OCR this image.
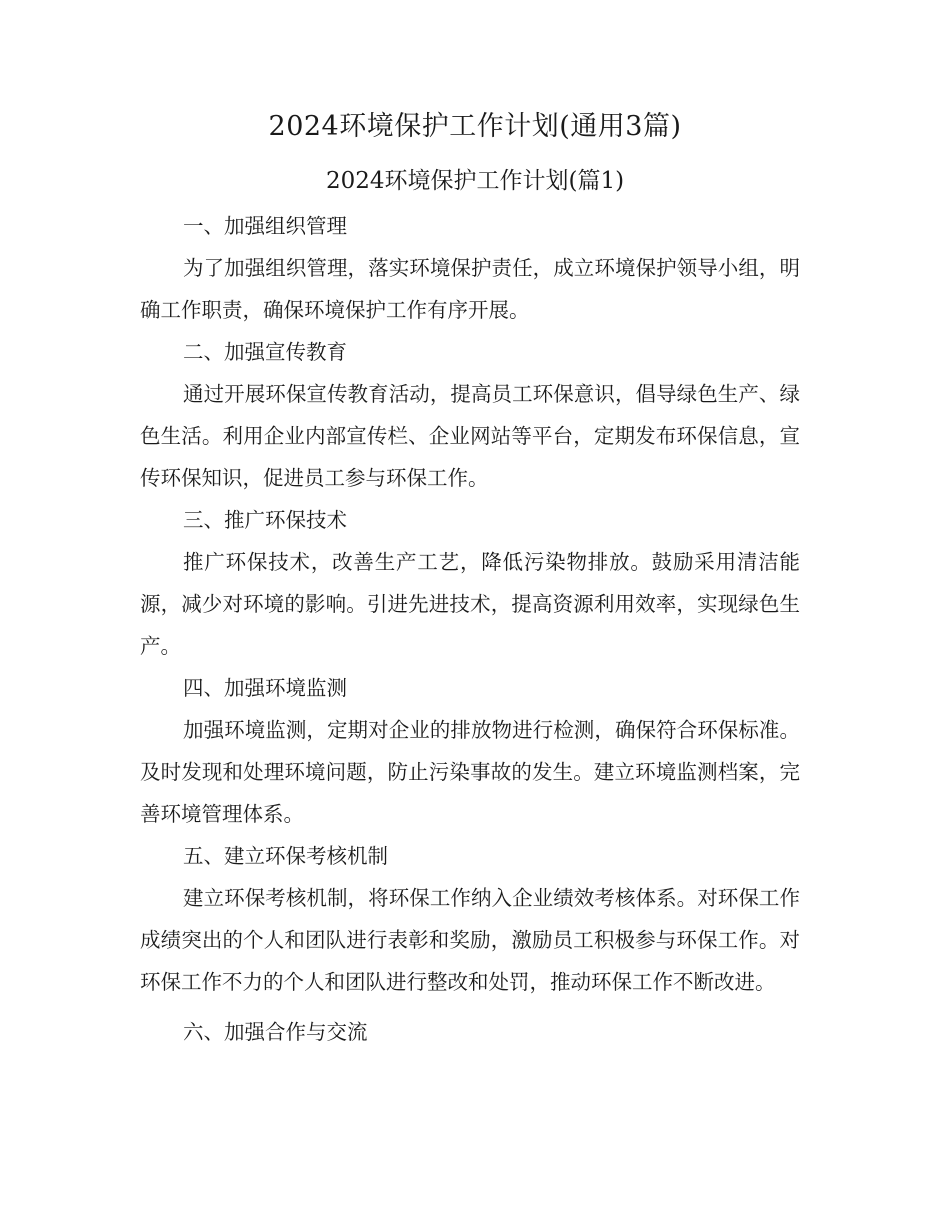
2024环境保护工作计划(通用3篇)
2024环境保护工作计划(篇1)

一、加强组织管理

为了加强组织管理，落实环境保护责任，成立环境保护领导小组，明确工作职责，确保环境保护工作有序开展。

二、加强宣传教育

通过开展环保宣传教育活动，提高员工环保意识，倡导绿色生产、绿色生活。利用企业内部宣传栏、企业网站等平台，定期发布环保信息，宣传环保知识，促进员工参与环保工作。

三、推广环保技术

推广环保技术，改善生产工艺，降低污染物排放。鼓励采用清洁能源，减少对环境的影响。引进先进技术，提高资源利用效率，实现绿色生产。

四、加强环境监测

加强环境监测，定期对企业的排放物进行检测，确保符合环保标准。及时发现和处理环境问题，防止污染事故的发生。建立环境监测档案，完善环境管理体系。

五、建立环保考核机制

建立环保考核机制，将环保工作纳入企业绩效考核体系。对环保工作成绩突出的个人和团队进行表彰和奖励，激励员工积极参与环保工作。对环保工作不力的个人和团队进行整改和处罚，推动环保工作不断改进。

六、加强合作与交流
